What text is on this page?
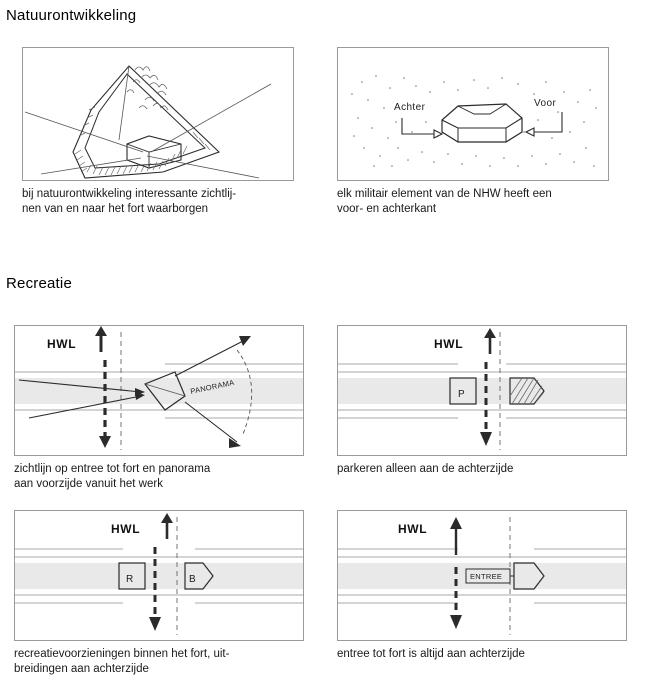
Natuurontwikkeling
bij natuurontwikkeling interessante zichtlij-
nen van en naar het fort waarborgen
Achter	Voor
elk militair element van de NHW heeft een
voor- en achterkant
Recreatie
HWL
PANORAMA
zichtlijn op entree tot fort en panorama
aan voorzijde vanuit het werk
HWL
P
parkeren alleen aan de achterzijde
HWL
R	B
recreatievoorzieningen binnen het fort, uit-
breidingen aan achterzijde
HWL
ENTREE
entree tot fort is altijd aan achterzijde
